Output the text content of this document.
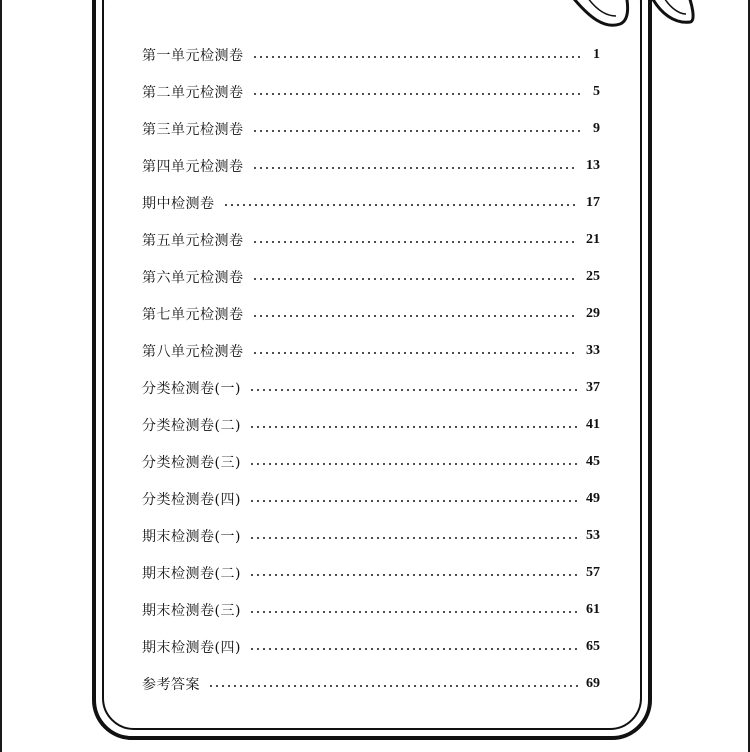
第一单元检测卷	1
第二单元检测卷	5
第三单元检测卷	9
第四单元检测卷	13
期中检测卷	17
第五单元检测卷	21
第六单元检测卷	25
第七单元检测卷	29
第八单元检测卷	33
分类检测卷(一)	37
分类检测卷(二)	41
分类检测卷(三)	45
分类检测卷(四)	49
期末检测卷(一)	53
期末检测卷(二)	57
期末检测卷(三)	61
期末检测卷(四)	65
参考答案	69
